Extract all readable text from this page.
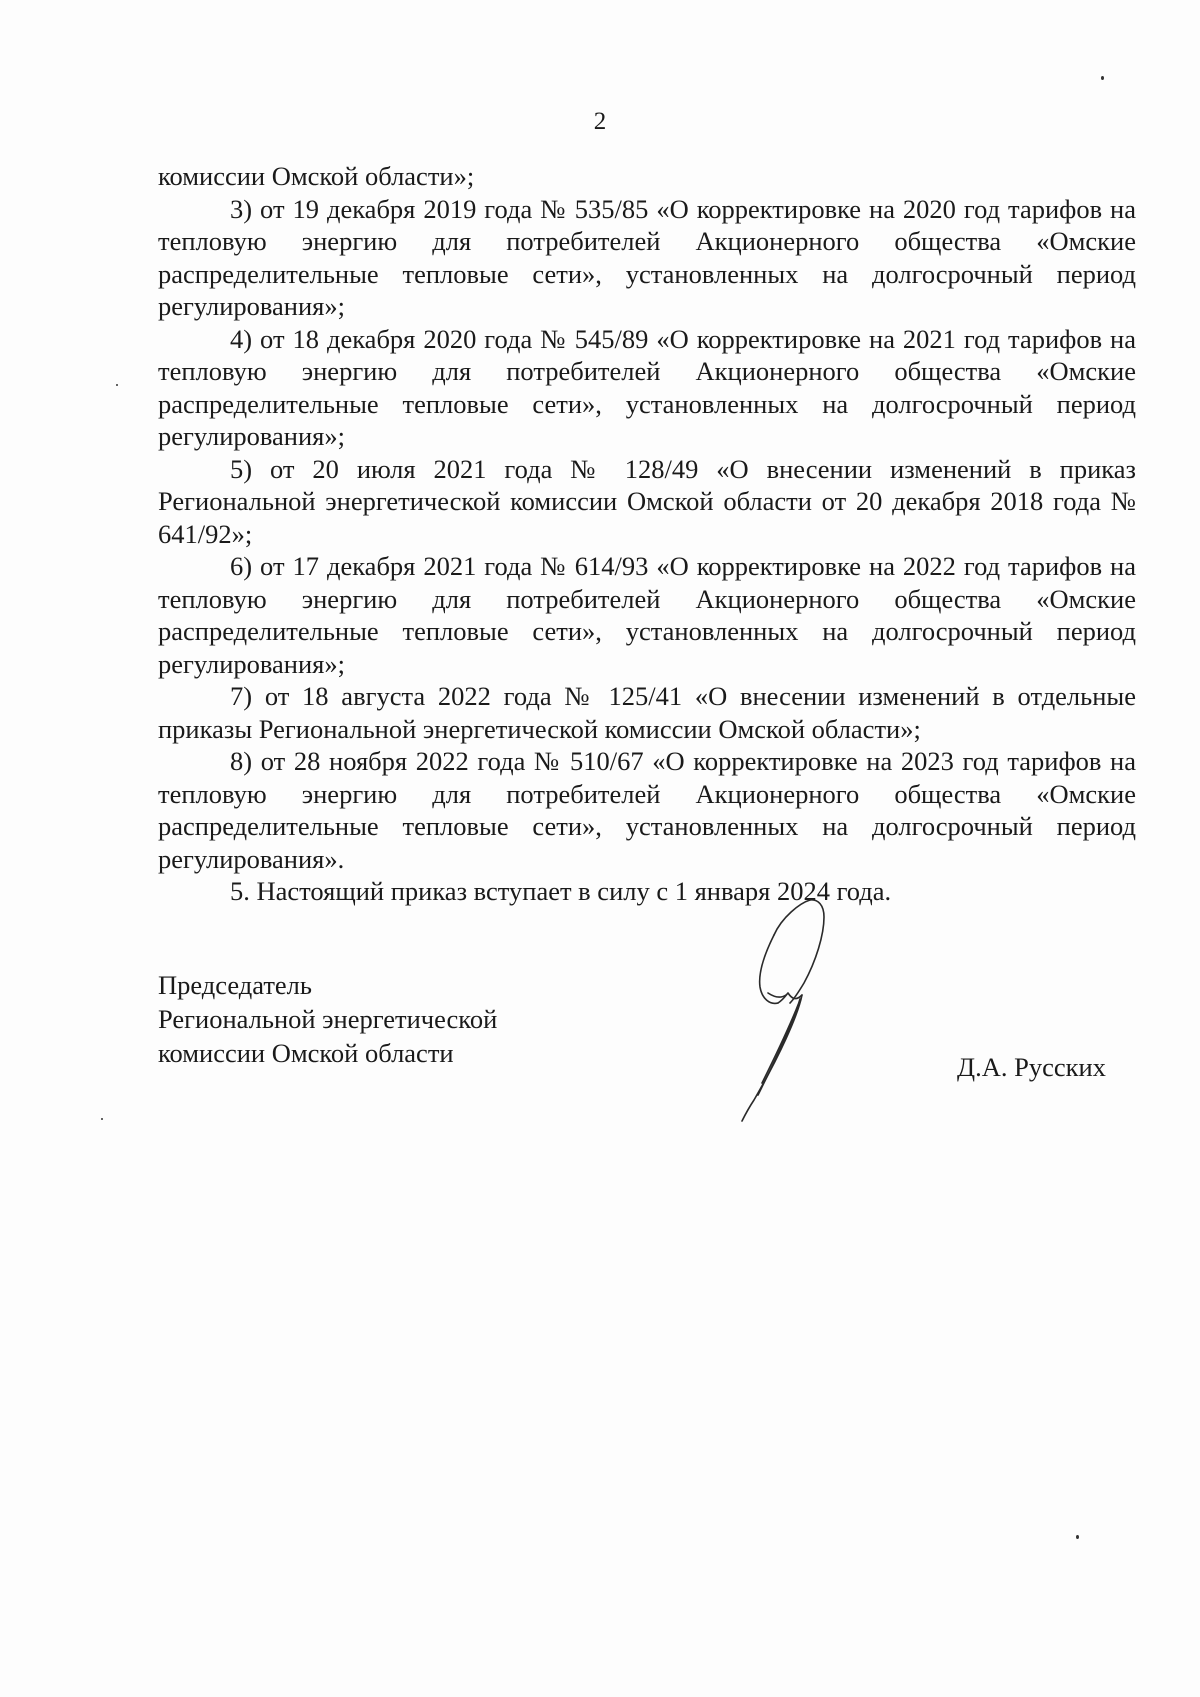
2

комиссии Омской области»;

3) от 19 декабря 2019 года № 535/85 «О корректировке на 2020 год тарифов на тепловую энергию для потребителей Акционерного общества «Омские распределительные тепловые сети», установленных на долгосрочный период регулирования»;

4) от 18 декабря 2020 года № 545/89 «О корректировке на 2021 год тарифов на тепловую энергию для потребителей Акционерного общества «Омские распределительные тепловые сети», установленных на долгосрочный период регулирования»;

5) от 20 июля 2021 года № 128/49 «О внесении изменений в приказ Региональной энергетической комиссии Омской области от 20 декабря 2018 года № 641/92»;

6) от 17 декабря 2021 года № 614/93 «О корректировке на 2022 год тарифов на тепловую энергию для потребителей Акционерного общества «Омские распределительные тепловые сети», установленных на долгосрочный период регулирования»;

7) от 18 августа 2022 года № 125/41 «О внесении изменений в отдельные приказы Региональной энергетической комиссии Омской области»;

8) от 28 ноября 2022 года № 510/67 «О корректировке на 2023 год тарифов на тепловую энергию для потребителей Акционерного общества «Омские распределительные тепловые сети», установленных на долгосрочный период регулирования».

5. Настоящий приказ вступает в силу с 1 января 2024 года.

Председатель
Региональной энергетической
комиссии Омской области	Д.А. Русских
